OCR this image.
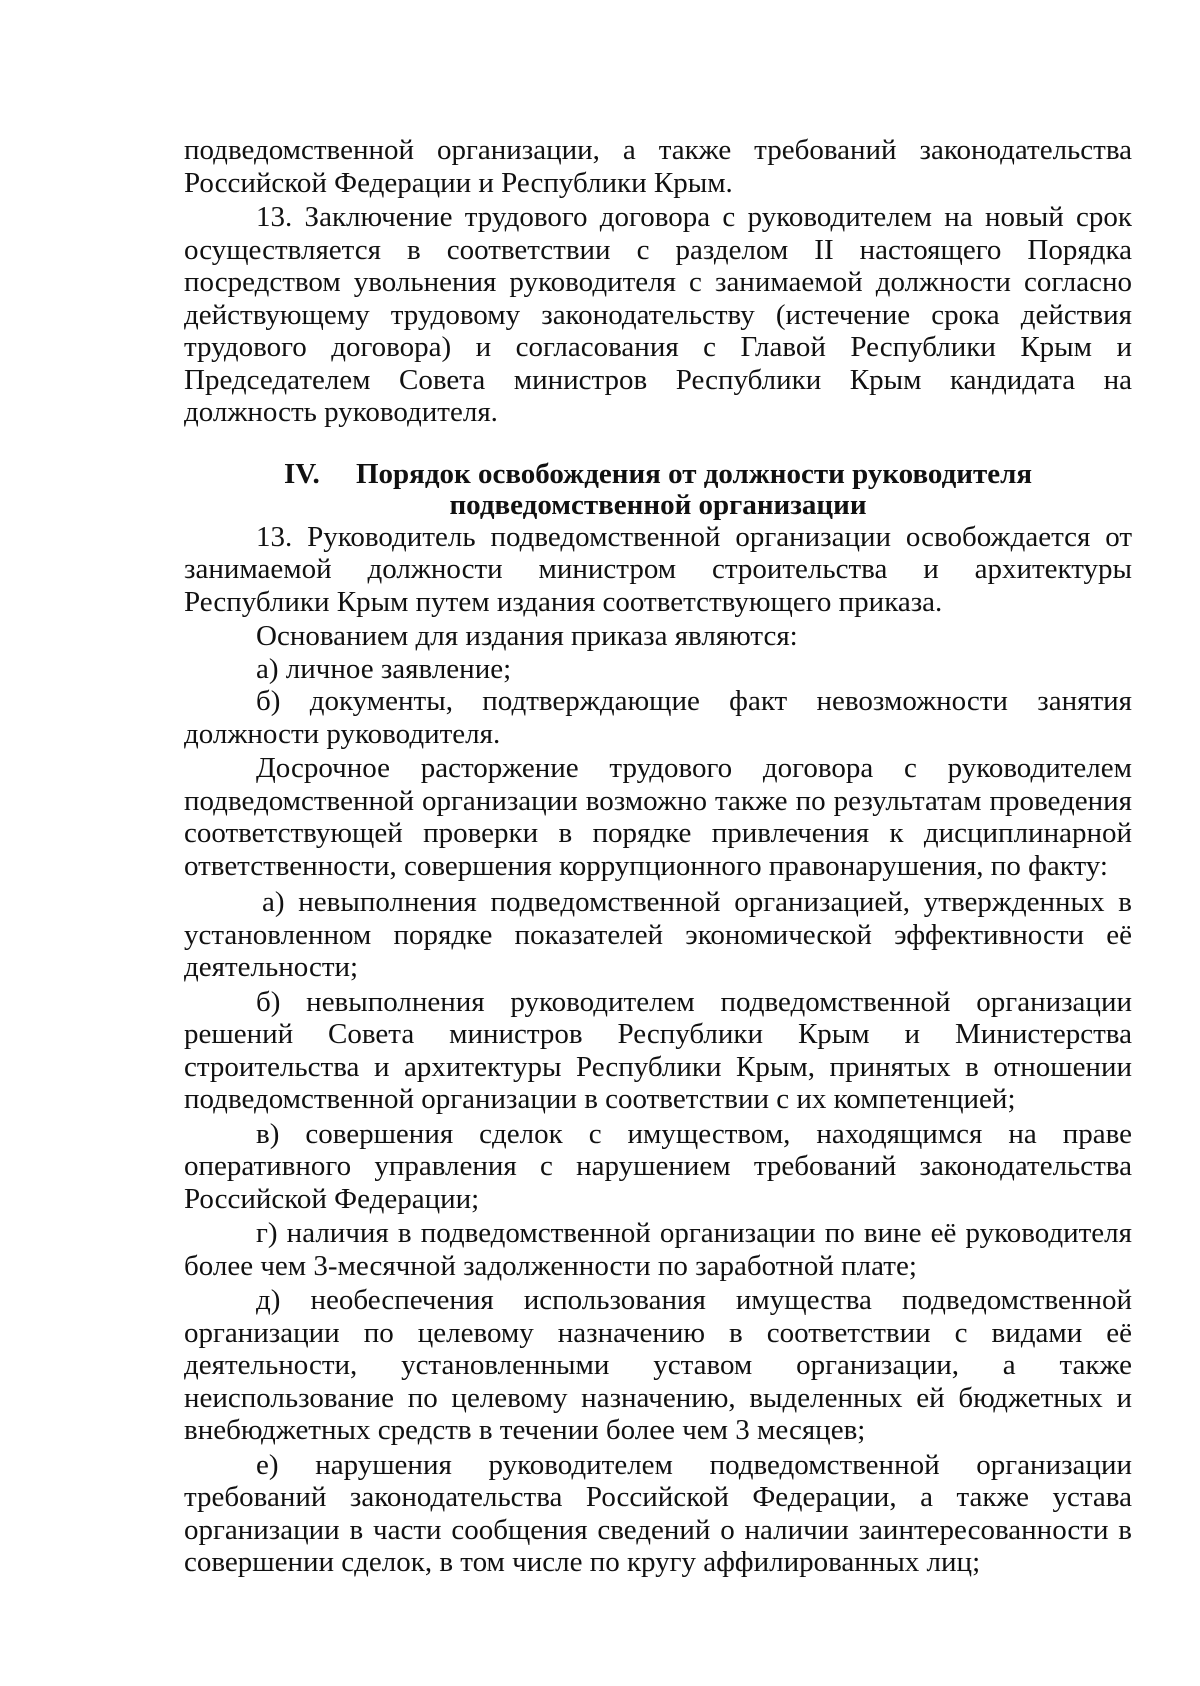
подведомственной организации, а также требований законодательства Российской Федерации и Республики Крым.

13. Заключение трудового договора с руководителем на новый срок осуществляется в соответствии с разделом II настоящего Порядка посредством увольнения руководителя с занимаемой должности согласно действующему трудовому законодательству (истечение срока действия трудового договора) и согласования с Главой Республики Крым и Председателем Совета министров Республики Крым кандидата на должность руководителя.

IV. Порядок освобождения от должности руководителя
подведомственной организации

13. Руководитель подведомственной организации освобождается от занимаемой должности министром строительства и архитектуры Республики Крым путем издания соответствующего приказа.

Основанием для издания приказа являются:

а) личное заявление;

б) документы, подтверждающие факт невозможности занятия должности руководителя.

Досрочное расторжение трудового договора с руководителем подведомственной организации возможно также по результатам проведения соответствующей проверки в порядке привлечения к дисциплинарной ответственности, совершения коррупционного правонарушения, по факту:

а) невыполнения подведомственной организацией, утвержденных в установленном порядке показателей экономической эффективности её деятельности;

б) невыполнения руководителем подведомственной организации решений Совета министров Республики Крым и Министерства строительства и архитектуры Республики Крым, принятых в отношении подведомственной организации в соответствии с их компетенцией;

в) совершения сделок с имуществом, находящимся на праве оперативного управления с нарушением требований законодательства Российской Федерации;

г) наличия в подведомственной организации по вине её руководителя более чем 3-месячной задолженности по заработной плате;

д) необеспечения использования имущества подведомственной организации по целевому назначению в соответствии с видами её деятельности, установленными уставом организации, а также неиспользование по целевому назначению, выделенных ей бюджетных и внебюджетных средств в течении более чем 3 месяцев;

е) нарушения руководителем подведомственной организации требований законодательства Российской Федерации, а также устава организации в части сообщения сведений о наличии заинтересованности в совершении сделок, в том числе по кругу аффилированных лиц;
